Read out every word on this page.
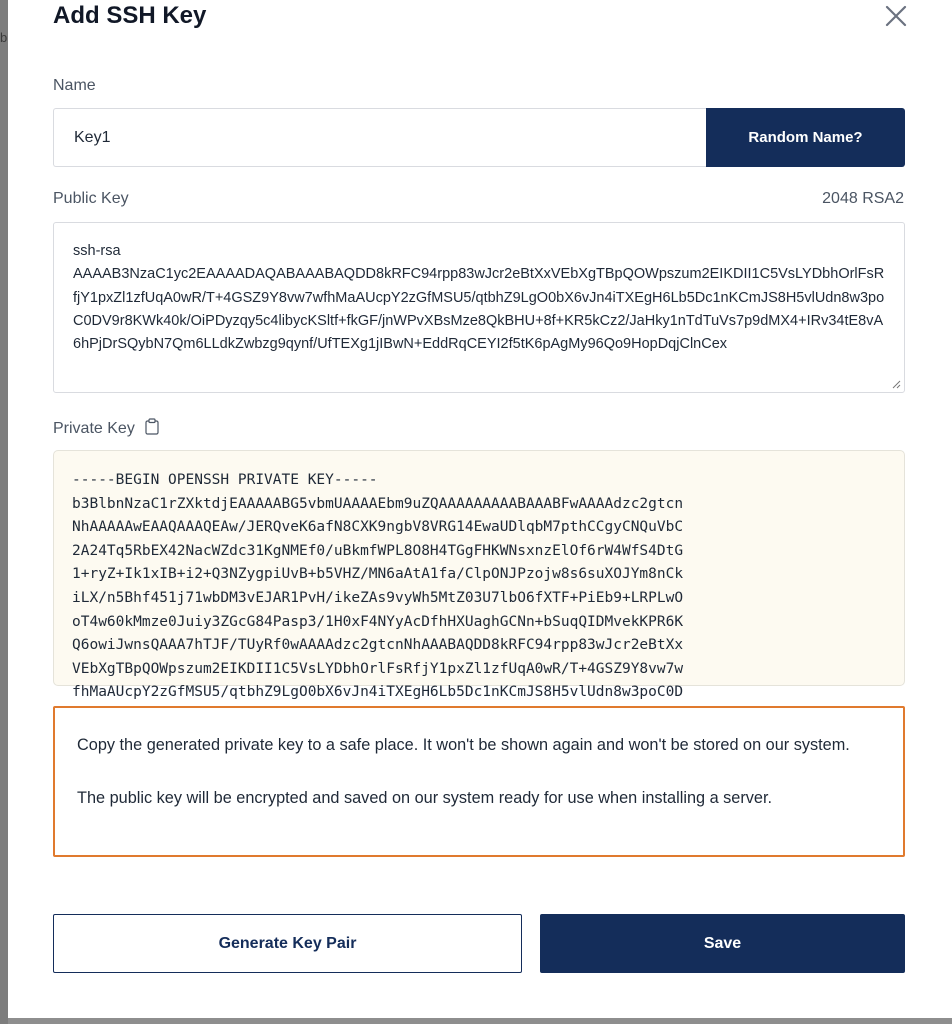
b
Add SSH Key
Name
Key1
Random Name?
Public Key	2048 RSA2
ssh-rsa
AAAAB3NzaC1yc2EAAAADAQABAAABAQDD8kRFC94rpp83wJcr2eBtXxVEbXgTBpQOWpszum2EIKDII1C5VsLYDbhOrlFsRfjY1pxZl1zfUqA0wR/T+4GSZ9Y8vw7wfhMaAUcpY2zGfMSU5/qtbhZ9LgO0bX6vJn4iTXEgH6Lb5Dc1nKCmJS8H5vlUdn8w3poC0DV9r8KWk40k/OiPDyzqy5c4libycKSltf+fkGF/jnWPvXBsMze8QkBHU+8f+KR5kCz2/JaHky1nTdTuVs7p9dMX4+IRv34tE8vA6hPjDrSQybN7Qm6LLdkZwbzg9qynf/UfTEXg1jIBwN+EddRqCEYI2f5tK6pAgMy96Qo9HopDqjClnCex
Private Key
-----BEGIN OPENSSH PRIVATE KEY-----
b3BlbnNzaC1rZXktdjEAAAAABG5vbmUAAAAEbm9uZQAAAAAAAAABAAABFwAAAAdzc2gtcn
NhAAAAAwEAAQAAAQEAw/JERQveK6afN8CXK9ngbV8VRG14EwaUDlqbM7pthCCgyCNQuVbC
2A24Tq5RbEX42NacWZdc31KgNMEf0/uBkmfWPL8O8H4TGgFHKWNsxnzElOf6rW4WfS4DtG
1+ryZ+Ik1xIB+i2+Q3NZygpiUvB+b5VHZ/MN6aAtA1fa/ClpONJPzojw8s6suXOJYm8nCk
iLX/n5Bhf451j71wbDM3vEJAR1PvH/ikeZAs9vyWh5MtZ03U7lbO6fXTF+PiEb9+LRPLwO
oT4w60kMmze0Juiy3ZGcG84Pasp3/1H0xF4NYyAcDfhHXUaghGCNn+bSuqQIDMvekKPR6K
Q6owiJwnsQAAA7hTJF/TUyRf0wAAAAdzc2gtcnNhAAABAQDD8kRFC94rpp83wJcr2eBtXx
VEbXgTBpQOWpszum2EIKDII1C5VsLYDbhOrlFsRfjY1pxZl1zfUqA0wR/T+4GSZ9Y8vw7w
fhMaAUcpY2zGfMSU5/qtbhZ9LgO0bX6vJn4iTXEgH6Lb5Dc1nKCmJS8H5vlUdn8w3poC0D

Copy the generated private key to a safe place. It won't be shown again and won't be stored on our system.

The public key will be encrypted and saved on our system ready for use when installing a server.

Generate Key Pair	Save
